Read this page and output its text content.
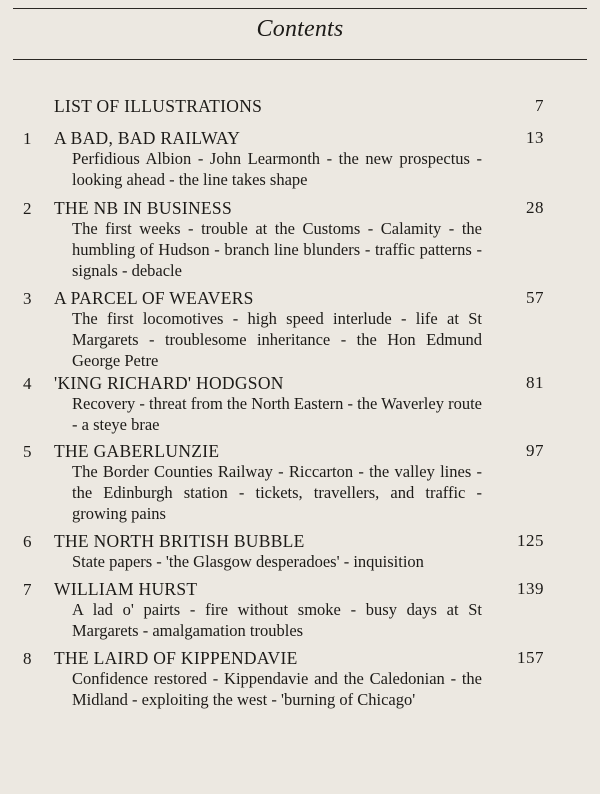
Contents
LIST OF ILLUSTRATIONS	7
1	A BAD, BAD RAILWAY	13
Perfidious Albion - John Learmonth - the new prospectus - looking ahead - the line takes shape
2	THE NB IN BUSINESS	28
The first weeks - trouble at the Customs - Calamity - the humbling of Hudson - branch line blunders - traffic patterns - signals - debacle
3	A PARCEL OF WEAVERS	57
The first locomotives - high speed interlude - life at St Margarets - troublesome inheritance - the Hon Edmund George Petre
4	'KING RICHARD' HODGSON	81
Recovery - threat from the North Eastern - the Waverley route - a steye brae
5	THE GABERLUNZIE	97
The Border Counties Railway - Riccarton - the valley lines - the Edinburgh station - tickets, travellers, and traffic - growing pains
6	THE NORTH BRITISH BUBBLE	125
State papers - 'the Glasgow desperadoes' - inquisition
7	WILLIAM HURST	139
A lad o' pairts - fire without smoke - busy days at St Margarets - amalgamation troubles
8	THE LAIRD OF KIPPENDAVIE	157
Confidence restored - Kippendavie and the Caledonian - the Midland - exploiting the west - 'burning of Chicago'
